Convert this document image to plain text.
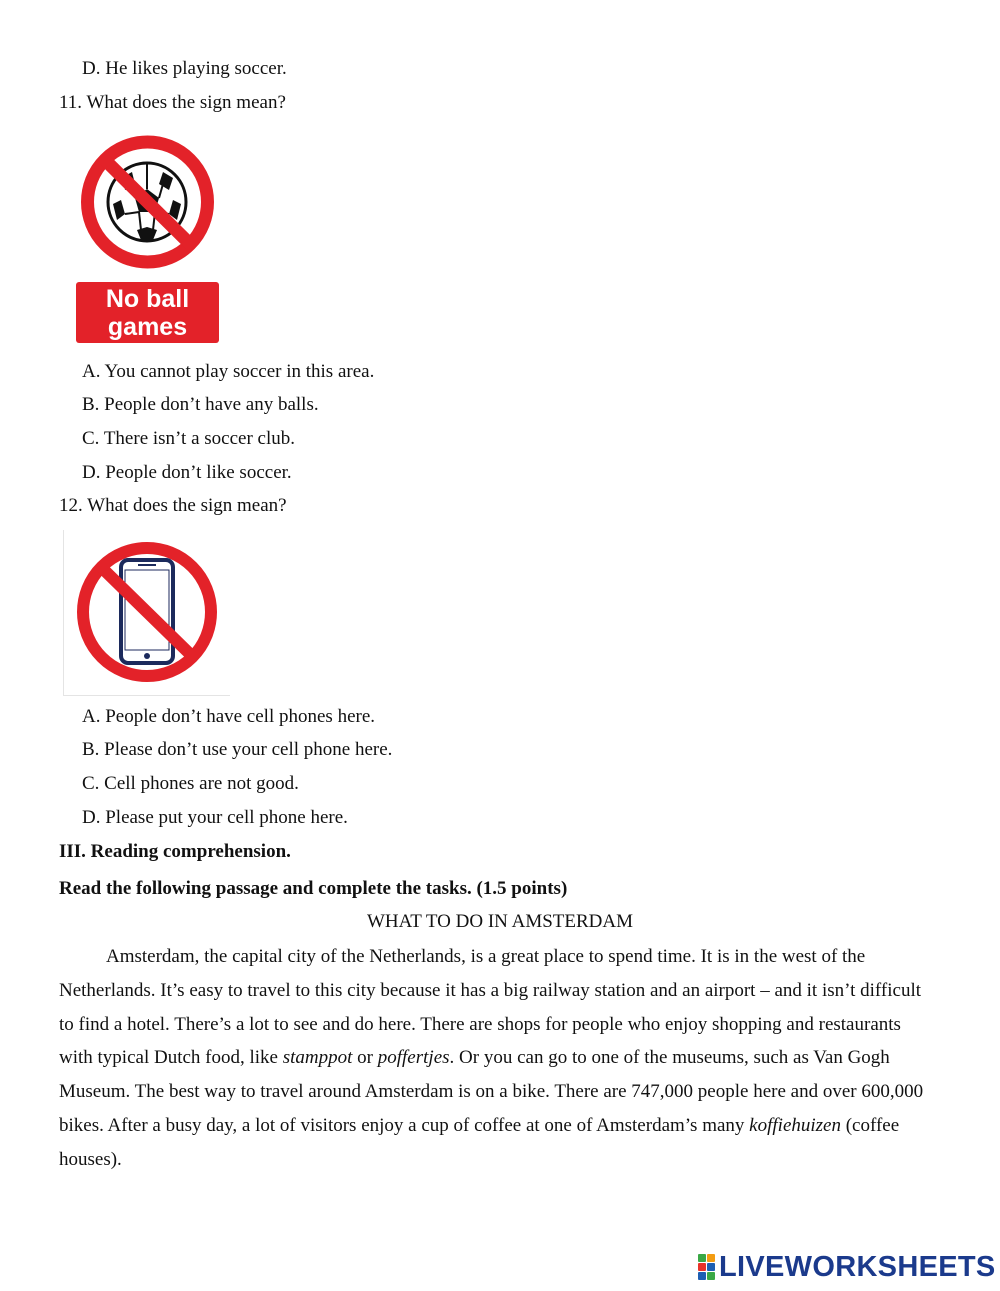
D. He likes playing soccer.
11. What does the sign mean?
No ball
games
A. You cannot play soccer in this area.
B. People don’t have any balls.
C. There isn’t a soccer club.
D. People don’t like soccer.
12. What does the sign mean?
A. People don’t have cell phones here.
B. Please don’t use your cell phone here.
C. Cell phones are not good.
D. Please put your cell phone here.
III. Reading comprehension.
Read the following passage and complete the tasks. (1.5 points)
WHAT TO DO IN AMSTERDAM

Amsterdam, the capital city of the Netherlands, is a great place to spend time. It is in the west of the Netherlands. It’s easy to travel to this city because it has a big railway station and an airport – and it isn’t difficult to find a hotel. There’s a lot to see and do here. There are shops for people who enjoy shopping and restaurants with typical Dutch food, like stamppot or poffertjes. Or you can go to one of the museums, such as Van Gogh Museum. The best way to travel around Amsterdam is on a bike. There are 747,000 people here and over 600,000 bikes. After a busy day, a lot of visitors enjoy a cup of coffee at one of Amsterdam’s many koffiehuizen (coffee houses).

LIVE WORKSHEETS
